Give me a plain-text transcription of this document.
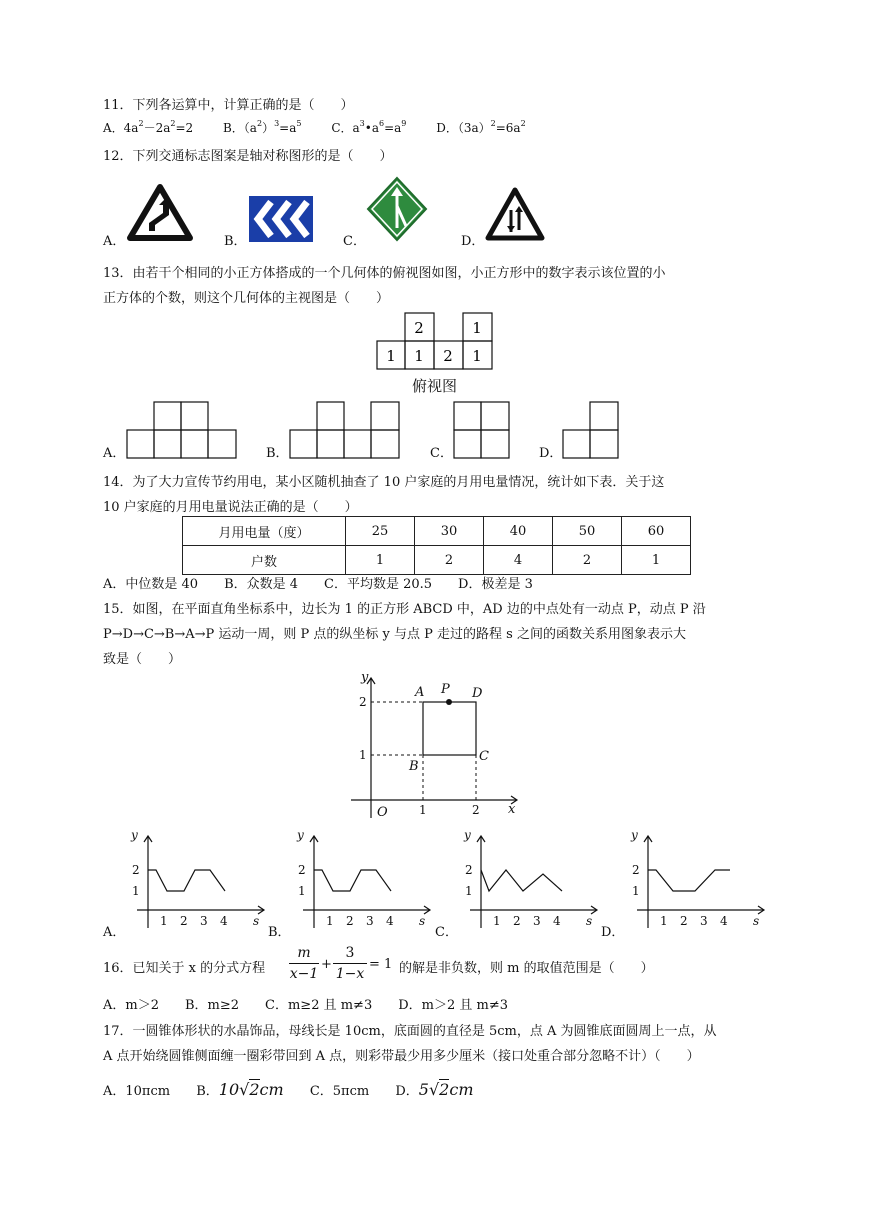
11．下列各运算中，计算正确的是（　　）
A．$4a^2-2a^2=2$ B．$(a^2)^3=a^5$ C．$a^3•a^6=a^9$ D．$(3a)^2=6a^2$
12．下列交通标志图案是轴对称图形的是（　　）
A．	B．	C．	D．
13．由若干个相同的小正方体搭成的一个几何体的俯视图如图，小正方形中的数字表示该位置的小
正方体的个数，则这个几何体的主视图是（　　）
2	1
1 1 2 1
俯视图
A．	B．	C．	D．
14．为了大力宣传节约用电，某小区随机抽查了 10 户家庭的月用电量情况，统计如下表．关于这
10 户家庭的月用电量说法正确的是（　　）
月用电量（度）	25	30	40	50	60
户数	1	2	4	2	1
A．中位数是 40　　B．众数是 4　　C．平均数是 20.5　　D．极差是 3
15．如图，在平面直角坐标系中，边长为 1 的正方形 ABCD 中，AD 边的中点处有一动点 P，动点 P 沿
P→D→C→B→A→P 运动一周，则 P 点的纵坐标 y 与点 P 走过的路程 s 之间的函数关系用图象表示大
致是（　　）
y
x
O
A P D
B
C
2
1
1	2
A．	B．	C．	D．
y
s
2
1
1 2 3 4
y
s
2
1
1 2 3 4
y
s
2
1
1 2 3 4
y
s
2
1
1 2 3 4
16．已知关于 x 的分式方程
m
x−1
+
3
1−x
= 1 的解是非负数，则 m 的取值范围是（　　）
A．m＞2　　B．m≥2　　C．m≥2 且 m≠3　　D．m＞2 且 m≠3
17．一圆锥体形状的水晶饰品，母线长是 10cm，底面圆的直径是 5cm，点 A 为圆锥底面圆周上一点，从
A 点开始绕圆锥侧面缠一圈彩带回到 A 点，则彩带最少用多少厘米（接口处重合部分忽略不计）（　　）
A．10πcm B．10√2cm C．5πcm D．5√2cm
